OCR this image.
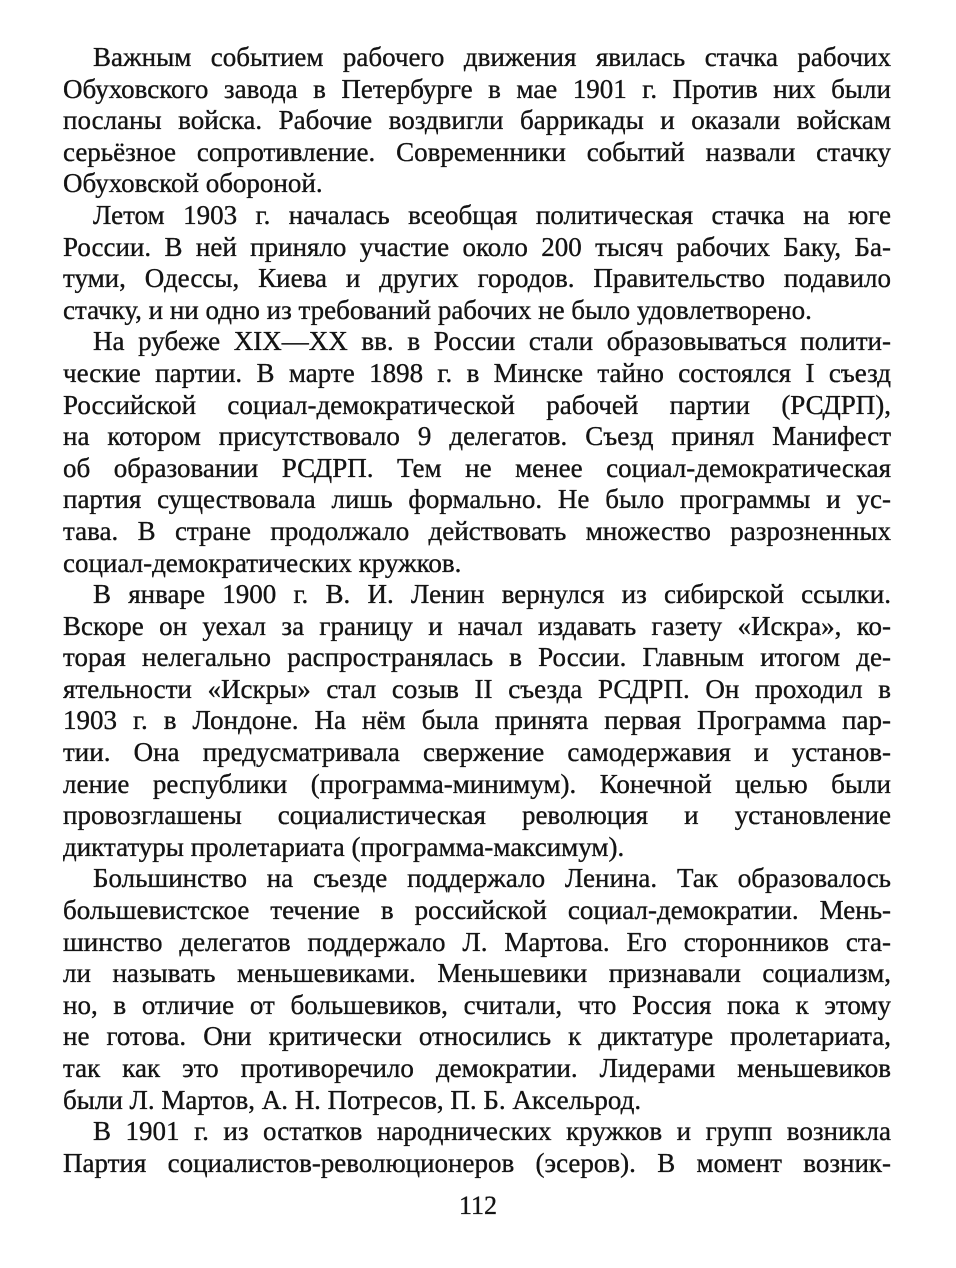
Важным событием рабочего движения явилась стачка рабочих
Обуховского завода в Петербурге в мае 1901 г. Против них были
посланы войска. Рабочие воздвигли баррикады и оказали войскам
серьёзное сопротивление. Современники событий назвали стачку
Обуховской обороной.
Летом 1903 г. началась всеобщая политическая стачка на юге
России. В ней приняло участие около 200 тысяч рабочих Баку, Ба-
туми, Одессы, Киева и других городов. Правительство подавило
стачку, и ни одно из требований рабочих не было удовлетворено.
На рубеже XIX—XX вв. в России стали образовываться полити-
ческие партии. В марте 1898 г. в Минске тайно состоялся I съезд
Российской социал-демократической рабочей партии (РСДРП),
на котором присутствовало 9 делегатов. Съезд принял Манифест
об образовании РСДРП. Тем не менее социал-демократическая
партия существовала лишь формально. Не было программы и ус-
тава. В стране продолжало действовать множество разрозненных
социал-демократических кружков.
В январе 1900 г. В. И. Ленин вернулся из сибирской ссылки.
Вскоре он уехал за границу и начал издавать газету «Искра», ко-
торая нелегально распространялась в России. Главным итогом де-
ятельности «Искры» стал созыв II съезда РСДРП. Он проходил в
1903 г. в Лондоне. На нём была принята первая Программа пар-
тии. Она предусматривала свержение самодержавия и установ-
ление республики (программа-минимум). Конечной целью были
провозглашены социалистическая революция и установление
диктатуры пролетариата (программа-максимум).
Большинство на съезде поддержало Ленина. Так образовалось
большевистское течение в российской социал-демократии. Мень-
шинство делегатов поддержало Л. Мартова. Его сторонников ста-
ли называть меньшевиками. Меньшевики признавали социализм,
но, в отличие от большевиков, считали, что Россия пока к этому
не готова. Они критически относились к диктатуре пролетариата,
так как это противоречило демократии. Лидерами меньшевиков
были Л. Мартов, А. Н. Потресов, П. Б. Аксельрод.
В 1901 г. из остатков народнических кружков и групп возникла
Партия социалистов-революционеров (эсеров). В момент возник-
112
